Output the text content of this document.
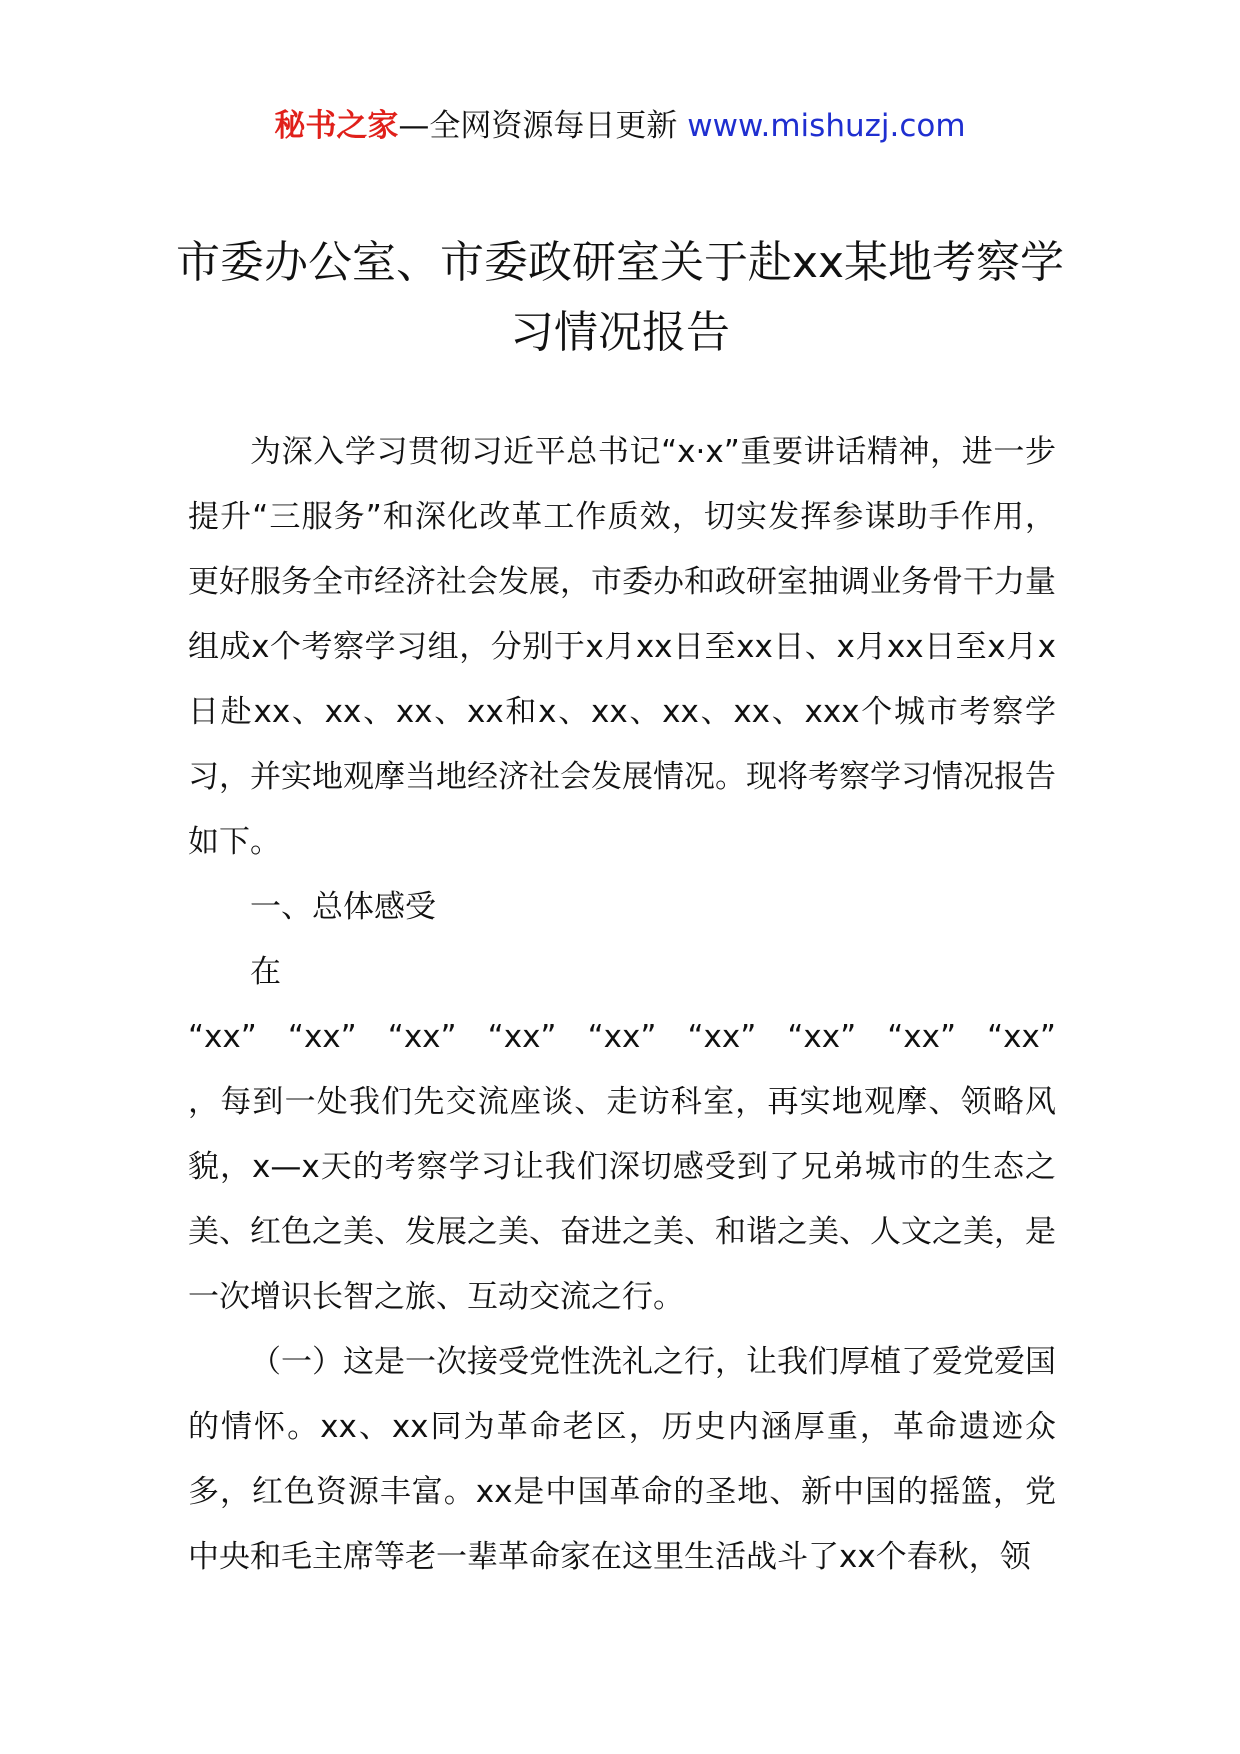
秘书之家—全网资源每日更新 www.mishuzj.com
市委办公室、市委政研室关于赴xx某地考察学习情况报告

为深入学习贯彻习近平总书记“x·x”重要讲话精神，进一步提升“三服务”和深化改革工作质效，切实发挥参谋助手作用，更好服务全市经济社会发展，市委办和政研室抽调业务骨干力量组成x个考察学习组，分别于x月xx日至xx日、x月xx日至x月x日赴xx、xx、xx、xx和x、xx、xx、xx、xxx个城市考察学习，并实地观摩当地经济社会发展情况。现将考察学习情况报告如下。

一、总体感受

在

“xx” “xx” “xx” “xx” “xx” “xx” “xx” “xx” “xx”

，每到一处我们先交流座谈、走访科室，再实地观摩、领略风貌，x—x天的考察学习让我们深切感受到了兄弟城市的生态之美、红色之美、发展之美、奋进之美、和谐之美、人文之美，是一次增识长智之旅、互动交流之行。

（一）这是一次接受党性洗礼之行，让我们厚植了爱党爱国的情怀。xx、xx同为革命老区，历史内涵厚重，革命遗迹众多，红色资源丰富。xx是中国革命的圣地、新中国的摇篮，党中央和毛主席等老一辈革命家在这里生活战斗了xx个春秋，领
